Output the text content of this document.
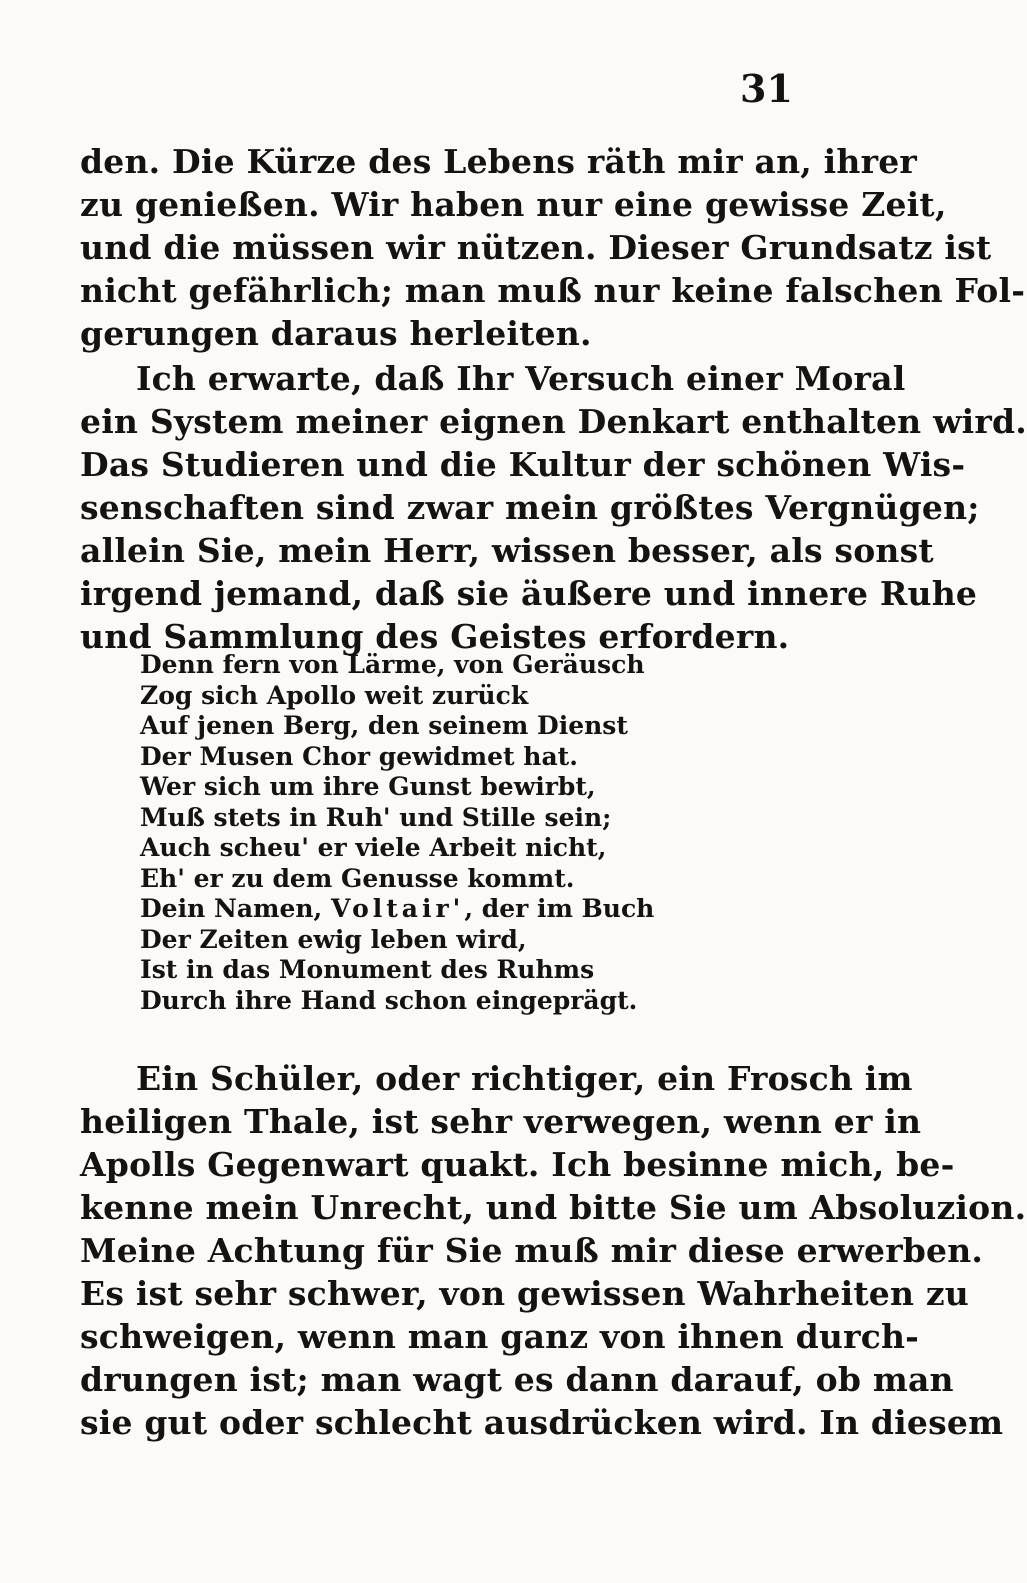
31
den. Die Kürze des Lebens räth mir an, ihrer
zu genießen. Wir haben nur eine gewisse Zeit,
und die müssen wir nützen. Dieser Grundsatz ist
nicht gefährlich; man muß nur keine falschen Fol-
gerungen daraus herleiten.
Ich erwarte, daß Ihr Versuch einer Moral
ein System meiner eignen Denkart enthalten wird.
Das Studieren und die Kultur der schönen Wis-
senschaften sind zwar mein größtes Vergnügen;
allein Sie, mein Herr, wissen besser, als sonst
irgend jemand, daß sie äußere und innere Ruhe
und Sammlung des Geistes erfordern.
Denn fern von Lärme, von Geräusch
Zog sich Apollo weit zurück
Auf jenen Berg, den seinem Dienst
Der Musen Chor gewidmet hat.
Wer sich um ihre Gunst bewirbt,
Muß stets in Ruh' und Stille sein;
Auch scheu' er viele Arbeit nicht,
Eh' er zu dem Genusse kommt.
Dein Namen, Voltair', der im Buch
Der Zeiten ewig leben wird,
Ist in das Monument des Ruhms
Durch ihre Hand schon eingeprägt.
Ein Schüler, oder richtiger, ein Frosch im
heiligen Thale, ist sehr verwegen, wenn er in
Apolls Gegenwart quakt. Ich besinne mich, be-
kenne mein Unrecht, und bitte Sie um Absoluzion.
Meine Achtung für Sie muß mir diese erwerben.
Es ist sehr schwer, von gewissen Wahrheiten zu
schweigen, wenn man ganz von ihnen durch-
drungen ist; man wagt es dann darauf, ob man
sie gut oder schlecht ausdrücken wird. In diesem
